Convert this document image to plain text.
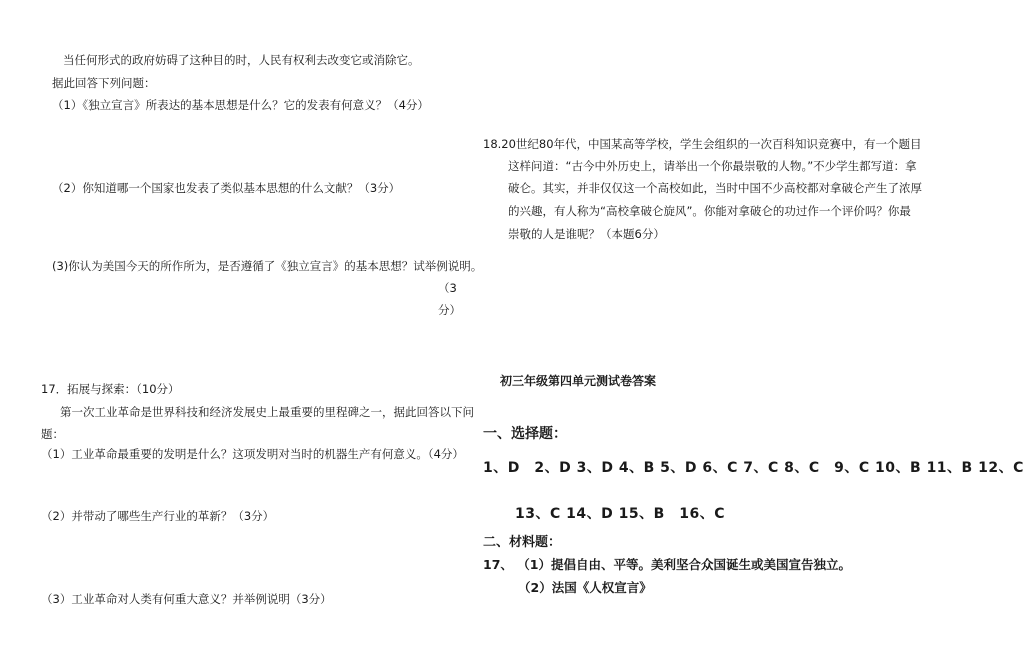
当任何形式的政府妨碍了这种目的时，人民有权利去改变它或消除它。
据此回答下列问题：
（1）《独立宣言》所表达的基本思想是什么？它的发表有何意义？（4分）
（2）你知道哪一个国家也发表了类似基本思想的什么文献？（3分）
(3)你认为美国今天的所作所为，是否遵循了《独立宣言》的基本思想？试举例说明。
（3
分）
17．拓展与探索：（10分）
第一次工业革命是世界科技和经济发展史上最重要的里程碑之一，据此回答以下问
题：
（1）工业革命最重要的发明是什么？这项发明对当时的机器生产有何意义。（4分）
（2）并带动了哪些生产行业的革新？（3分）
（3）工业革命对人类有何重大意义？并举例说明（3分）
18.20世纪80年代，中国某高等学校，学生会组织的一次百科知识竞赛中，有一个题目
这样问道：“古今中外历史上，请举出一个你最崇敬的人物。”不少学生都写道：拿
破仑。其实，并非仅仅这一个高校如此，当时中国不少高校都对拿破仑产生了浓厚
的兴趣，有人称为“高校拿破仑旋风”。你能对拿破仑的功过作一个评价吗？你最
崇敬的人是谁呢？（本题6分）
初三年级第四单元测试卷答案
一、选择题：
1、D　2、D 3、D 4、B 5、D 6、C 7、C 8、C　9、C 10、B 11、B 12、C
13、C 14、D 15、B　16、C
二、材料题：
17、 （1）提倡自由、平等。美利坚合众国诞生或美国宣告独立。
（2）法国《人权宣言》
